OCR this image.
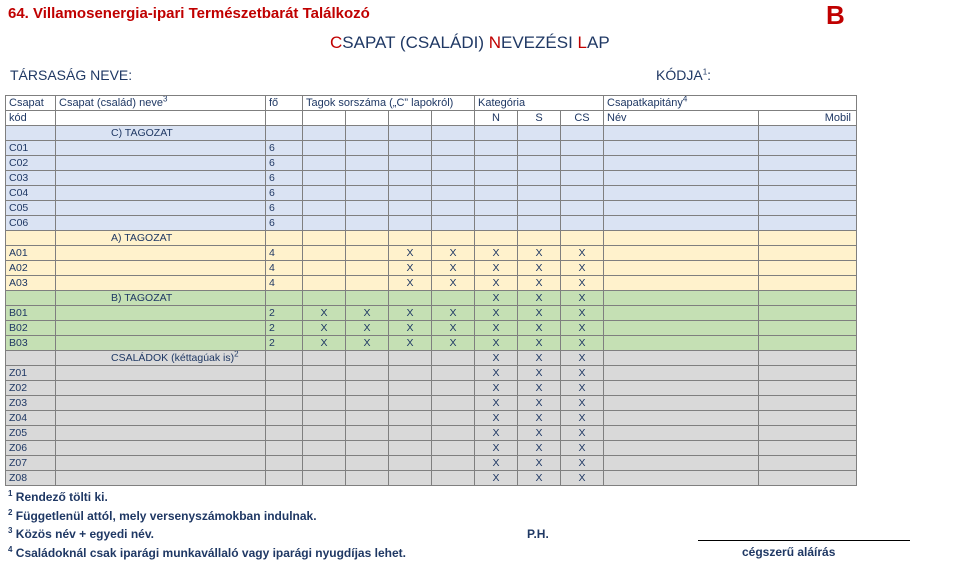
64. Villamosenergia-ipari Természetbarát Találkozó	B
CSAPAT (CSALÁDI) NEVEZÉSI LAP
TÁRSASÁG NEVE:	KÓDJA$^1$:
Csapat	Csapat (család) neve$^3$	fő	Tagok sorszáma („C” lapokról)				Kategória			Csapatkapitány$^4$
kód							N	S	CS	Név	Mobil
	C) TAGOZAT										
C01		6									
C02		6									
C03		6									
C04		6									
C05		6									
C06		6									
	A) TAGOZAT										
A01		4			X	X	X	X	X		
A02		4			X	X	X	X	X		
A03		4			X	X	X	X	X		
	B) TAGOZAT						X	X	X		
B01		2	X	X	X	X	X	X	X		
B02		2	X	X	X	X	X	X	X		
B03		2	X	X	X	X	X	X	X		
	CSALÁDOK (kéttagúak is)$^2$						X	X	X		
Z01							X	X	X		
Z02							X	X	X		
Z03							X	X	X		
Z04							X	X	X		
Z05							X	X	X		
Z06							X	X	X		
Z07							X	X	X		
Z08							X	X	X		
$^1$ Rendező tölti ki.
$^2$ Függetlenül attól, mely versenyszámokban indulnak.
$^3$ Közös név + egyedi név.
$^4$ Családoknál csak iparági munkavállaló vagy iparági nyugdíjas lehet.
P.H.
cégszerű aláírás
